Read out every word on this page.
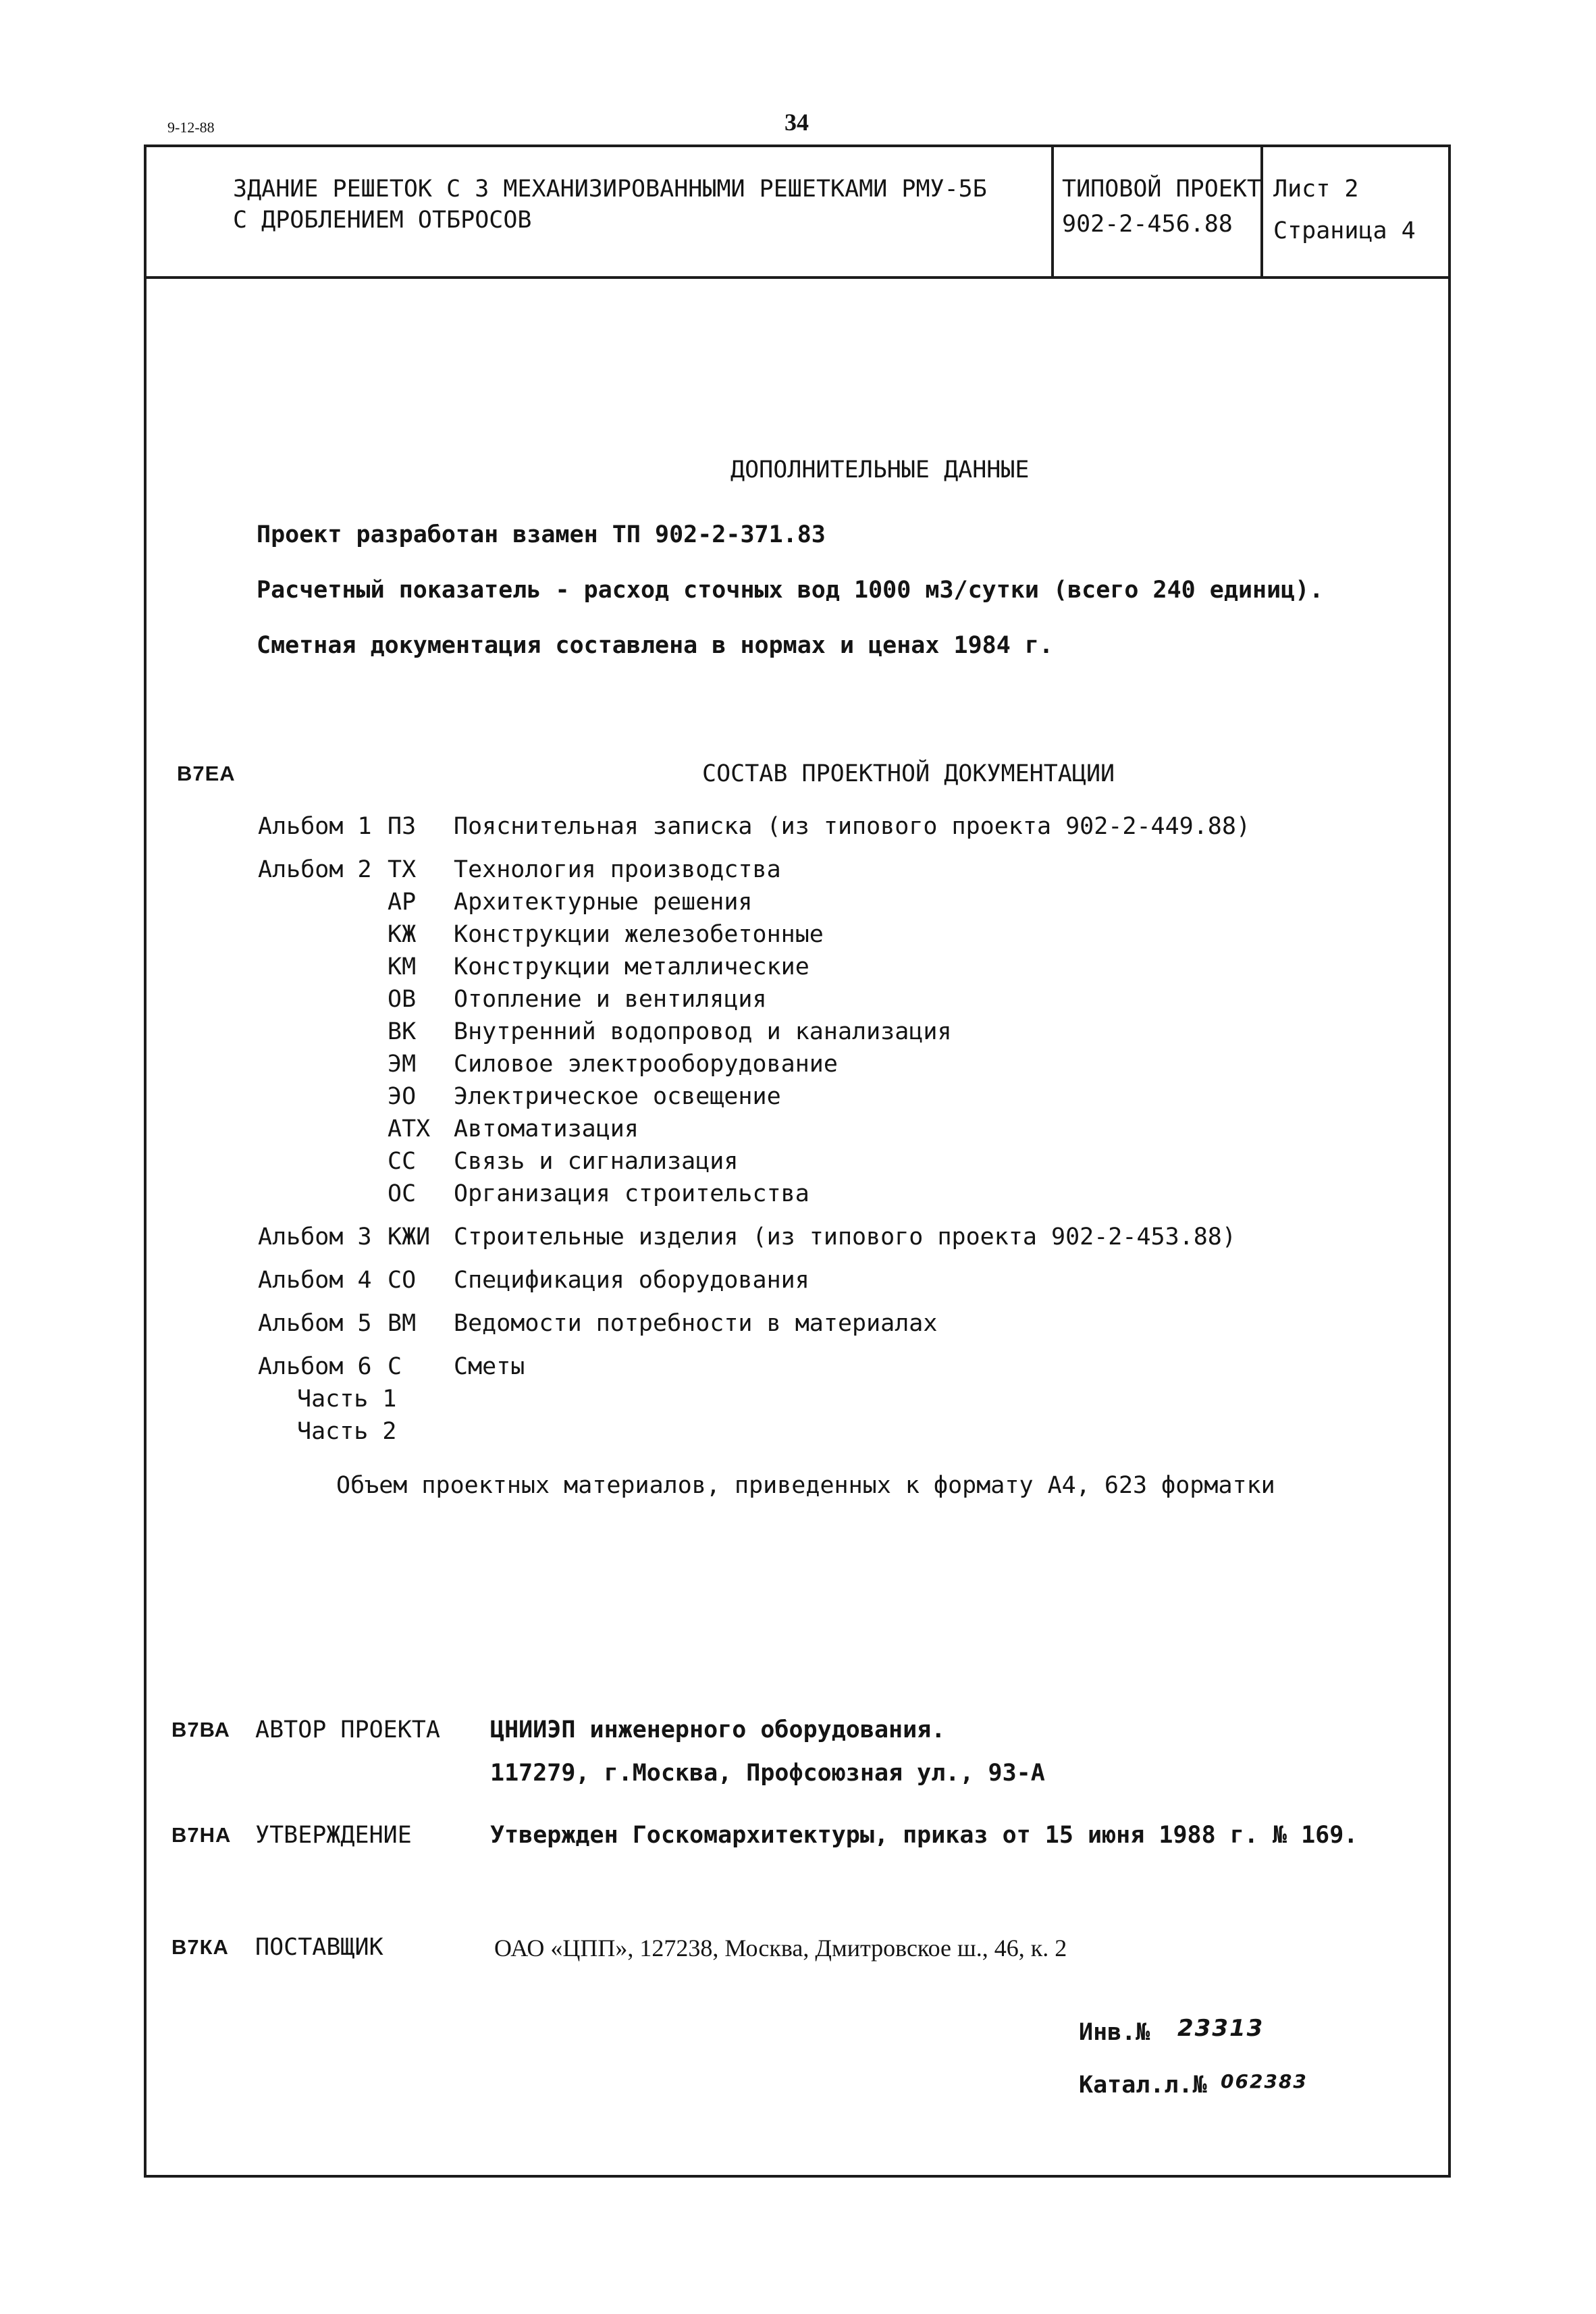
9-12-88	34
ЗДАНИЕ РЕШЕТОК С 3 МЕХАНИЗИРОВАННЫМИ РЕШЕТКАМИ РМУ-5Б
С ДРОБЛЕНИЕМ ОТБРОСОВ
ТИПОВОЙ ПРОЕКТ
902-2-456.88
Лист 2
Страница 4
ДОПОЛНИТЕЛЬНЫЕ ДАННЫЕ
Проект разработан взамен ТП 902-2-371.83
Расчетный показатель - расход сточных вод 1000 м3/сутки (всего 240 единиц).
Сметная документация составлена в нормах и ценах 1984 г.
В7ЕА	СОСТАВ ПРОЕКТНОЙ ДОКУМЕНТАЦИИ
Альбом 1 ПЗ Пояснительная записка (из типового проекта 902-2-449.88)
Альбом 2 ТХ Технология производства
АР Архитектурные решения
КЖ Конструкции железобетонные
КМ Конструкции металлические
ОВ Отопление и вентиляция
ВК Внутренний водопровод и канализация
ЭМ Силовое электрооборудование
ЭО Электрическое освещение
АТХ Автоматизация
СС Связь и сигнализация
ОС Организация строительства
Альбом 3 КЖИ Строительные изделия (из типового проекта 902-2-453.88)
Альбом 4 СО Спецификация оборудования
Альбом 5 ВМ Ведомости потребности в материалах
Альбом 6 С Сметы
Часть 1
Часть 2
Объем проектных материалов, приведенных к формату А4, 623 форматки
В7ВА АВТОР ПРОЕКТА ЦНИИЭП инженерного оборудования.
117279, г.Москва, Профсоюзная ул., 93-А
В7НА УТВЕРЖДЕНИЕ	Утвержден Госкомархитектуры, приказ от 15 июня 1988 г. № 169.
В7КА ПОСТАВЩИК	ОАО «ЦПП», 127238, Москва, Дмитровское ш., 46, к. 2
Инв.№ 23313
Катал.л.№ 062383
